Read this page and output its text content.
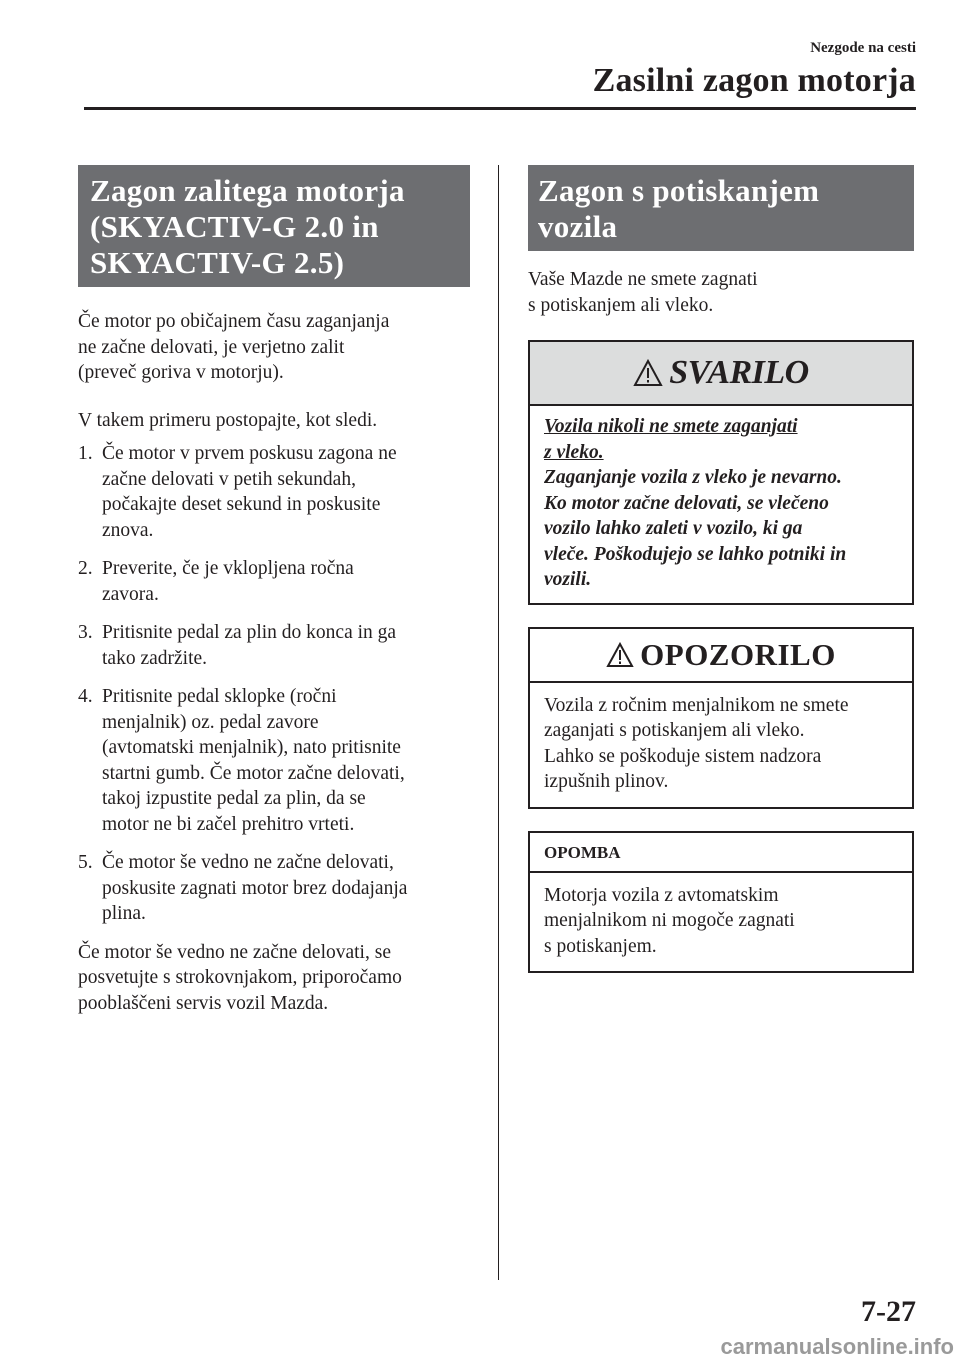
Nezgode na cesti
Zasilni zagon motorja
Zagon zalitega motorja
(SKYACTIV-G 2.0 in
SKYACTIV-G 2.5)

Če motor po običajnem času zaganjanja
ne začne delovati, je verjetno zalit
(preveč goriva v motorju).

V takem primeru postopajte, kot sledi.

1. Če motor v prvem poskusu zagona ne
začne delovati v petih sekundah,
počakajte deset sekund in poskusite
znova.
2. Preverite, če je vklopljena ročna
zavora.
3. Pritisnite pedal za plin do konca in ga
tako zadržite.
4. Pritisnite pedal sklopke (ročni
menjalnik) oz. pedal zavore
(avtomatski menjalnik), nato pritisnite
startni gumb. Če motor začne delovati,
takoj izpustite pedal za plin, da se
motor ne bi začel prehitro vrteti.
5. Če motor še vedno ne začne delovati,
poskusite zagnati motor brez dodajanja
plina.

Če motor še vedno ne začne delovati, se
posvetujte s strokovnjakom, priporočamo
pooblaščeni servis vozil Mazda.

Zagon s potiskanjem vozila

Vaše Mazde ne smete zagnati
s potiskanjem ali vleko.

SVARILO
Vozila nikoli ne smete zaganjati
z vleko.
Zaganjanje vozila z vleko je nevarno.
Ko motor začne delovati, se vlečeno
vozilo lahko zaleti v vozilo, ki ga
vleče. Poškodujejo se lahko potniki in
vozili.
OPOZORILO
Vozila z ročnim menjalnikom ne smete
zaganjati s potiskanjem ali vleko.
Lahko se poškoduje sistem nadzora
izpušnih plinov.
OPOMBA
Motorja vozila z avtomatskim
menjalnikom ni mogoče zagnati
s potiskanjem.
7-27
carmanualsonline.info
